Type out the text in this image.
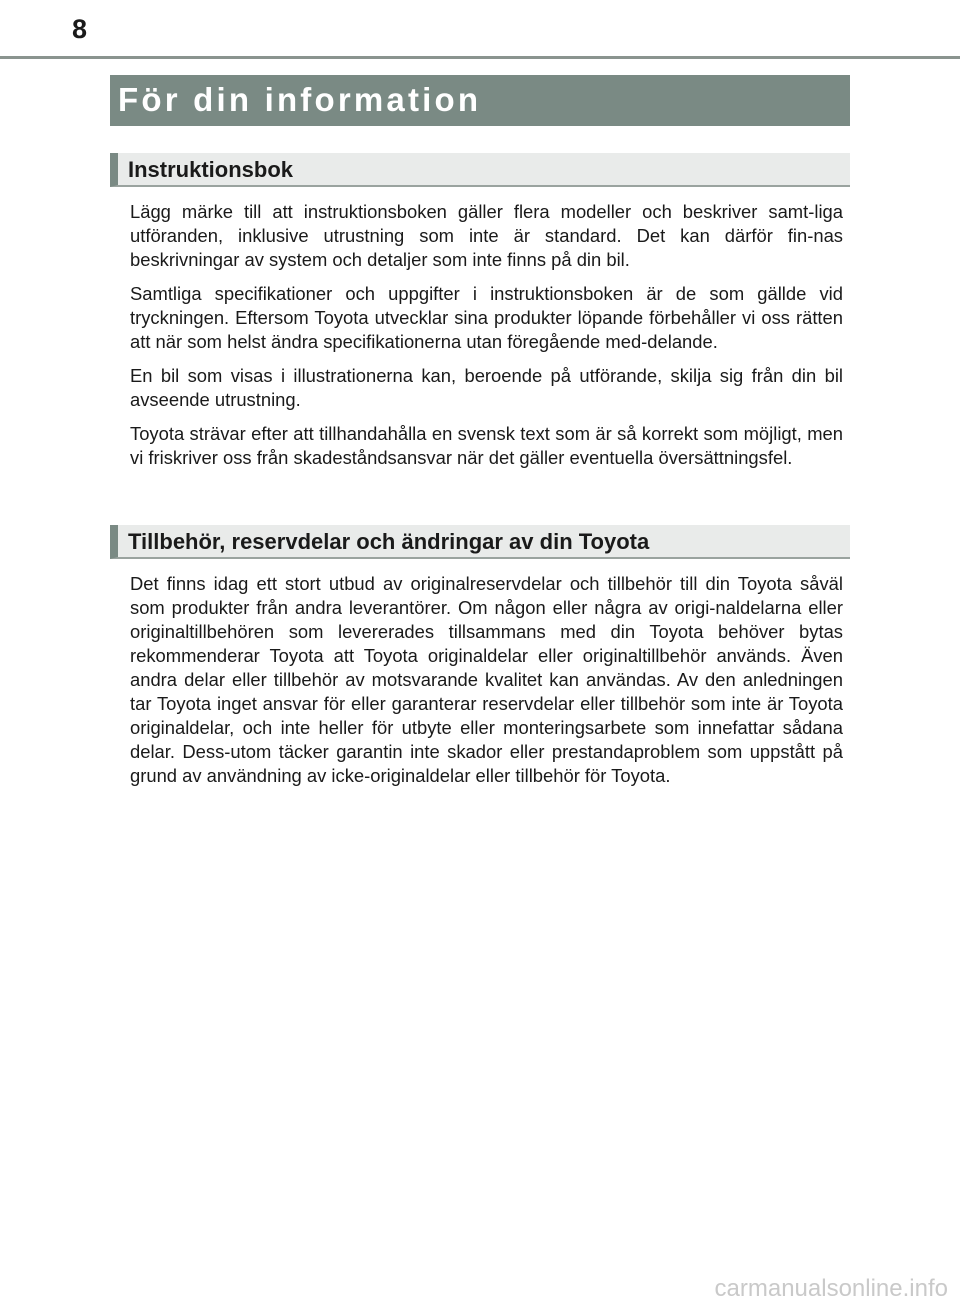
8
För din information
Instruktionsbok

Lägg märke till att instruktionsboken gäller flera modeller och beskriver samt-liga utföranden, inklusive utrustning som inte är standard. Det kan därför fin-nas beskrivningar av system och detaljer som inte finns på din bil.

Samtliga specifikationer och uppgifter i instruktionsboken är de som gällde vid tryckningen. Eftersom Toyota utvecklar sina produkter löpande förbehåller vi oss rätten att när som helst ändra specifikationerna utan föregående med-delande.

En bil som visas i illustrationerna kan, beroende på utförande, skilja sig från din bil avseende utrustning.

Toyota strävar efter att tillhandahålla en svensk text som är så korrekt som möjligt, men vi friskriver oss från skadeståndsansvar när det gäller eventuella översättningsfel.

Tillbehör, reservdelar och ändringar av din Toyota

Det finns idag ett stort utbud av originalreservdelar och tillbehör till din Toyota såväl som produkter från andra leverantörer. Om någon eller några av origi-naldelarna eller originaltillbehören som levererades tillsammans med din Toyota behöver bytas rekommenderar Toyota att Toyota originaldelar eller originaltillbehör används. Även andra delar eller tillbehör av motsvarande kvalitet kan användas. Av den anledningen tar Toyota inget ansvar för eller garanterar reservdelar eller tillbehör som inte är Toyota originaldelar, och inte heller för utbyte eller monteringsarbete som innefattar sådana delar. Dess-utom täcker garantin inte skador eller prestandaproblem som uppstått på grund av användning av icke-originaldelar eller tillbehör för Toyota.

carmanualsonline.info
